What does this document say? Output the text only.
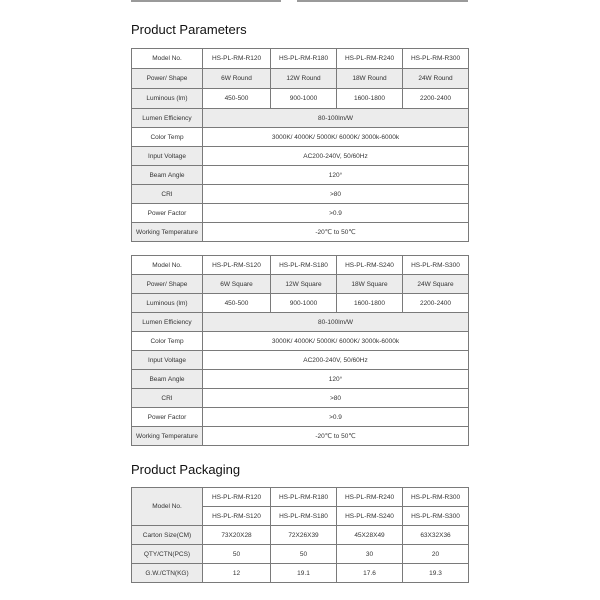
Product Parameters
Model No.	HS-PL-RM-R120	HS-PL-RM-R180	HS-PL-RM-R240	HS-PL-RM-R300
Power/ Shape	6W Round	12W Round	18W Round	24W Round
Luminous (lm)	450-500	900-1000	1600-1800	2200-2400
Lumen Efficiency	80-100lm/W			
Color Temp	3000K/ 4000K/ 5000K/ 6000K/ 3000k-6000k			
Input Voltage	AC200-240V, 50/60Hz			
Beam Angle	120°			
CRI	>80			
Power Factor	>0.9			
Working Temperature	-20℃ to 50℃			
Model No.	HS-PL-RM-S120	HS-PL-RM-S180	HS-PL-RM-S240	HS-PL-RM-S300
Power/ Shape	6W Square	12W Square	18W Square	24W Square
Luminous (lm)	450-500	900-1000	1600-1800	2200-2400
Lumen Efficiency	80-100lm/W			
Color Temp	3000K/ 4000K/ 5000K/ 6000K/ 3000k-6000k			
Input Voltage	AC200-240V, 50/60Hz			
Beam Angle	120°			
CRI	>80			
Power Factor	>0.9			
Working Temperature	-20℃ to 50℃			
Product Packaging
Model No.	HS-PL-RM-R120	HS-PL-RM-R180	HS-PL-RM-R240	HS-PL-RM-R300
	HS-PL-RM-S120	HS-PL-RM-S180	HS-PL-RM-S240	HS-PL-RM-S300
Carton Size(CM)	73X20X28	72X26X39	45X28X49	63X32X36
QTY/CTN(PCS)	50	50	30	20
G.W./CTN(KG)	12	19.1	17.6	19.3
